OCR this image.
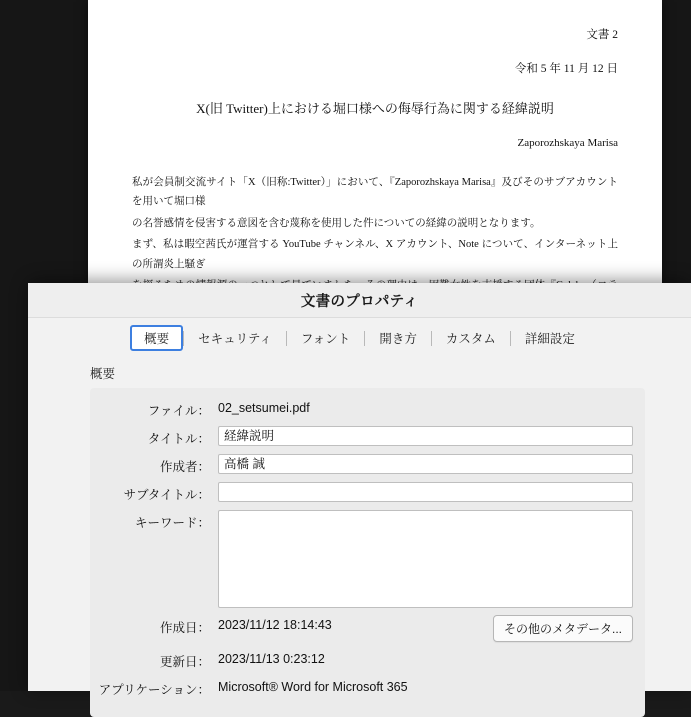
文書 2
令和 5 年 11 月 12 日
X(旧 Twitter)上における堀口様への侮辱行為に関する経緯説明
Zaporozhskaya Marisa

私が会員制交流サイト「X（旧称:Twitter）」において、『Zaporozhskaya Marisa』及びそのサブアカウントを用いて堀口様

の名誉感情を侵害する意図を含む蔑称を使用した件についての経緯の説明となります。

まず、私は暇空茜氏が運営する YouTube チャンネル、X アカウント、Note について、インターネット上の所謂炎上騒ぎ

文書のプロパティ
概要	セキュリティ	フォント	開き方	カスタム	詳細設定
概要
ファイル： 02_setsumei.pdf
タイトル：
経緯説明
作成者：
高橋 誠
サブタイトル：
キーワード：
作成日： 2023/11/12 18:14:43	その他のメタデータ...
更新日： 2023/11/13 0:23:12
アプリケーション： Microsoft® Word for Microsoft 365
